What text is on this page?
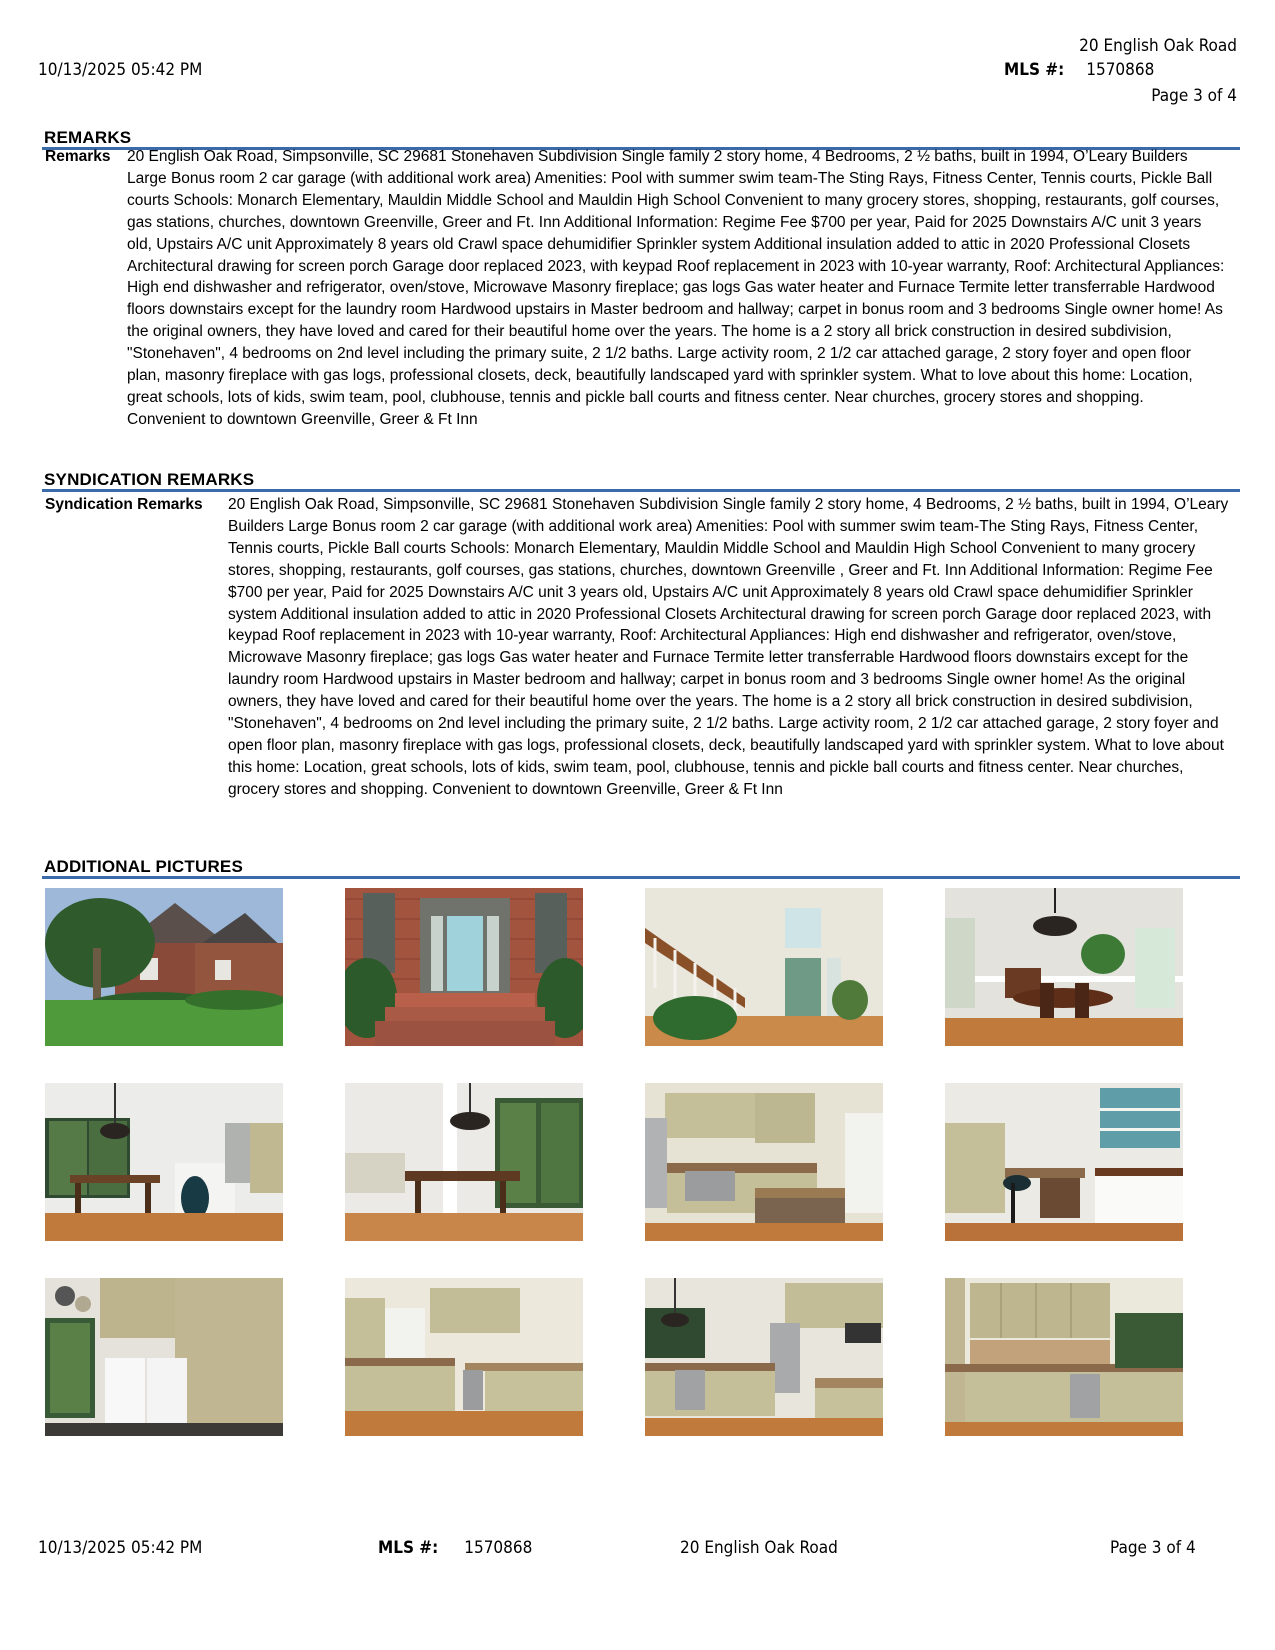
10/13/2025 05:42 PM
20 English Oak Road
MLS #: 1570868
Page 3 of 4
REMARKS
Remarks 20 English Oak Road, Simpsonville, SC 29681 Stonehaven Subdivision Single family 2 story home, 4 Bedrooms, 2 ½ baths, built in 1994, O’Leary Builders Large Bonus room 2 car garage (with additional work area) Amenities: Pool with summer swim team-The Sting Rays, Fitness Center, Tennis courts, Pickle Ball courts Schools: Monarch Elementary, Mauldin Middle School and Mauldin High School Convenient to many grocery stores, shopping, restaurants, golf courses, gas stations, churches, downtown Greenville, Greer and Ft. Inn Additional Information: Regime Fee $700 per year, Paid for 2025 Downstairs A/C unit 3 years old, Upstairs A/C unit Approximately 8 years old Crawl space dehumidifier Sprinkler system Additional insulation added to attic in 2020 Professional Closets Architectural drawing for screen porch Garage door replaced 2023, with keypad Roof replacement in 2023 with 10-year warranty, Roof: Architectural Appliances: High end dishwasher and refrigerator, oven/stove, Microwave Masonry fireplace; gas logs Gas water heater and Furnace Termite letter transferrable Hardwood floors downstairs except for the laundry room Hardwood upstairs in Master bedroom and hallway; carpet in bonus room and 3 bedrooms Single owner home! As the original owners, they have loved and cared for their beautiful home over the years. The home is a 2 story all brick construction in desired subdivision, "Stonehaven", 4 bedrooms on 2nd level including the primary suite, 2 1/2 baths. Large activity room, 2 1/2 car attached garage, 2 story foyer and open floor plan, masonry fireplace with gas logs, professional closets, deck, beautifully landscaped yard with sprinkler system. What to love about this home: Location, great schools, lots of kids, swim team, pool, clubhouse, tennis and pickle ball courts and fitness center. Near churches, grocery stores and shopping. Convenient to downtown Greenville, Greer & Ft Inn
SYNDICATION REMARKS
Syndication Remarks 20 English Oak Road, Simpsonville, SC 29681 Stonehaven Subdivision Single family 2 story home, 4 Bedrooms, 2 ½ baths, built in 1994, O’Leary Builders Large Bonus room 2 car garage (with additional work area) Amenities: Pool with summer swim team-The Sting Rays, Fitness Center, Tennis courts, Pickle Ball courts Schools: Monarch Elementary, Mauldin Middle School and Mauldin High School Convenient to many grocery stores, shopping, restaurants, golf courses, gas stations, churches, downtown Greenville , Greer and Ft. Inn Additional Information: Regime Fee $700 per year, Paid for 2025 Downstairs A/C unit 3 years old, Upstairs A/C unit Approximately 8 years old Crawl space dehumidifier Sprinkler system Additional insulation added to attic in 2020 Professional Closets Architectural drawing for screen porch Garage door replaced 2023, with keypad Roof replacement in 2023 with 10-year warranty, Roof: Architectural Appliances: High end dishwasher and refrigerator, oven/stove, Microwave Masonry fireplace; gas logs Gas water heater and Furnace Termite letter transferrable Hardwood floors downstairs except for the laundry room Hardwood upstairs in Master bedroom and hallway; carpet in bonus room and 3 bedrooms Single owner home! As the original owners, they have loved and cared for their beautiful home over the years. The home is a 2 story all brick construction in desired subdivision, "Stonehaven", 4 bedrooms on 2nd level including the primary suite, 2 1/2 baths. Large activity room, 2 1/2 car attached garage, 2 story foyer and open floor plan, masonry fireplace with gas logs, professional closets, deck, beautifully landscaped yard with sprinkler system. What to love about this home: Location, great schools, lots of kids, swim team, pool, clubhouse, tennis and pickle ball courts and fitness center. Near churches, grocery stores and shopping. Convenient to downtown Greenville, Greer & Ft Inn
ADDITIONAL PICTURES
10/13/2025 05:42 PM	MLS #: 1570868	20 English Oak Road	Page 3 of 4
